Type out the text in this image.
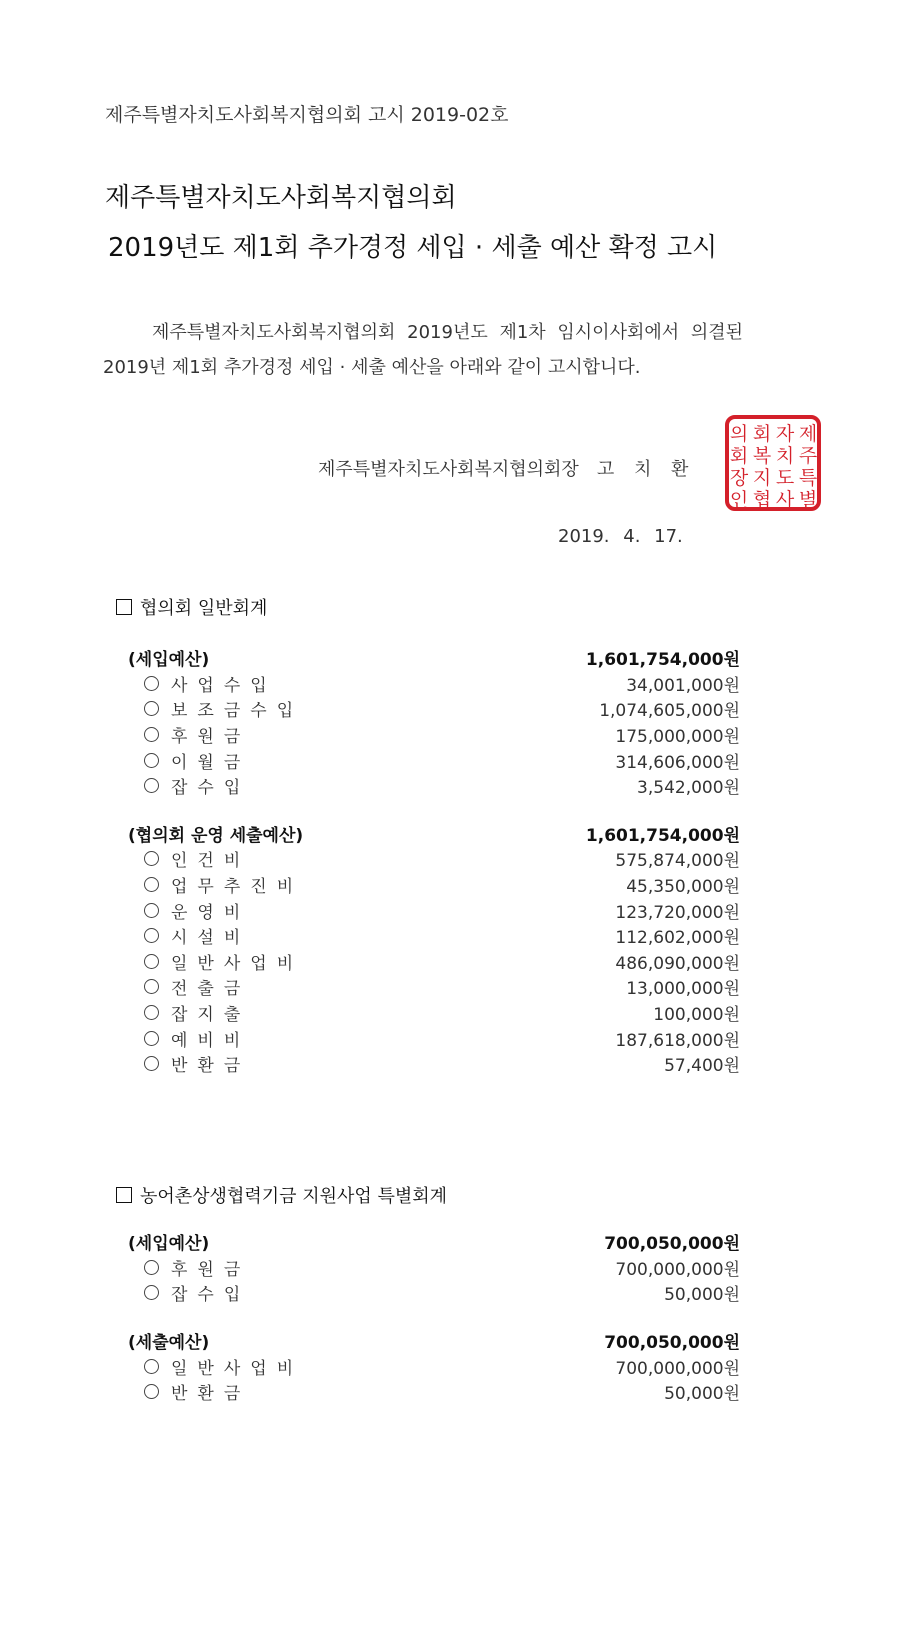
제주특별자치도사회복지협의회 고시 2019-02호
제주특별자치도사회복지협의회
2019년도 제1회 추가경정 세입 · 세출 예산 확정 고시
제주특별자치도사회복지협의회 2019년도 제1차 임시이사회에서 의결된
2019년 제1회 추가경정 세입 · 세출 예산을 아래와 같이 고시합니다.
제주특별자치도사회복지협의회장 고 치 환
제
주
특
별
자
치
도
사
회
복
지
협
의
회
장
인
2019. 4. 17.
협의회 일반회계
(세입예산)	1,601,754,000원
사업수입	34,001,000원
보조금수입	1,074,605,000원
후원금	175,000,000원
이월금	314,606,000원
잡수입	3,542,000원
(협의회 운영 세출예산)	1,601,754,000원
인건비	575,874,000원
업무추진비	45,350,000원
운영비	123,720,000원
시설비	112,602,000원
일반사업비	486,090,000원
전출금	13,000,000원
잡지출	100,000원
예비비	187,618,000원
반환금	57,400원
농어촌상생협력기금 지원사업 특별회계
(세입예산)	700,050,000원
후원금	700,000,000원
잡수입	50,000원
(세출예산)	700,050,000원
일반사업비	700,000,000원
반환금	50,000원
